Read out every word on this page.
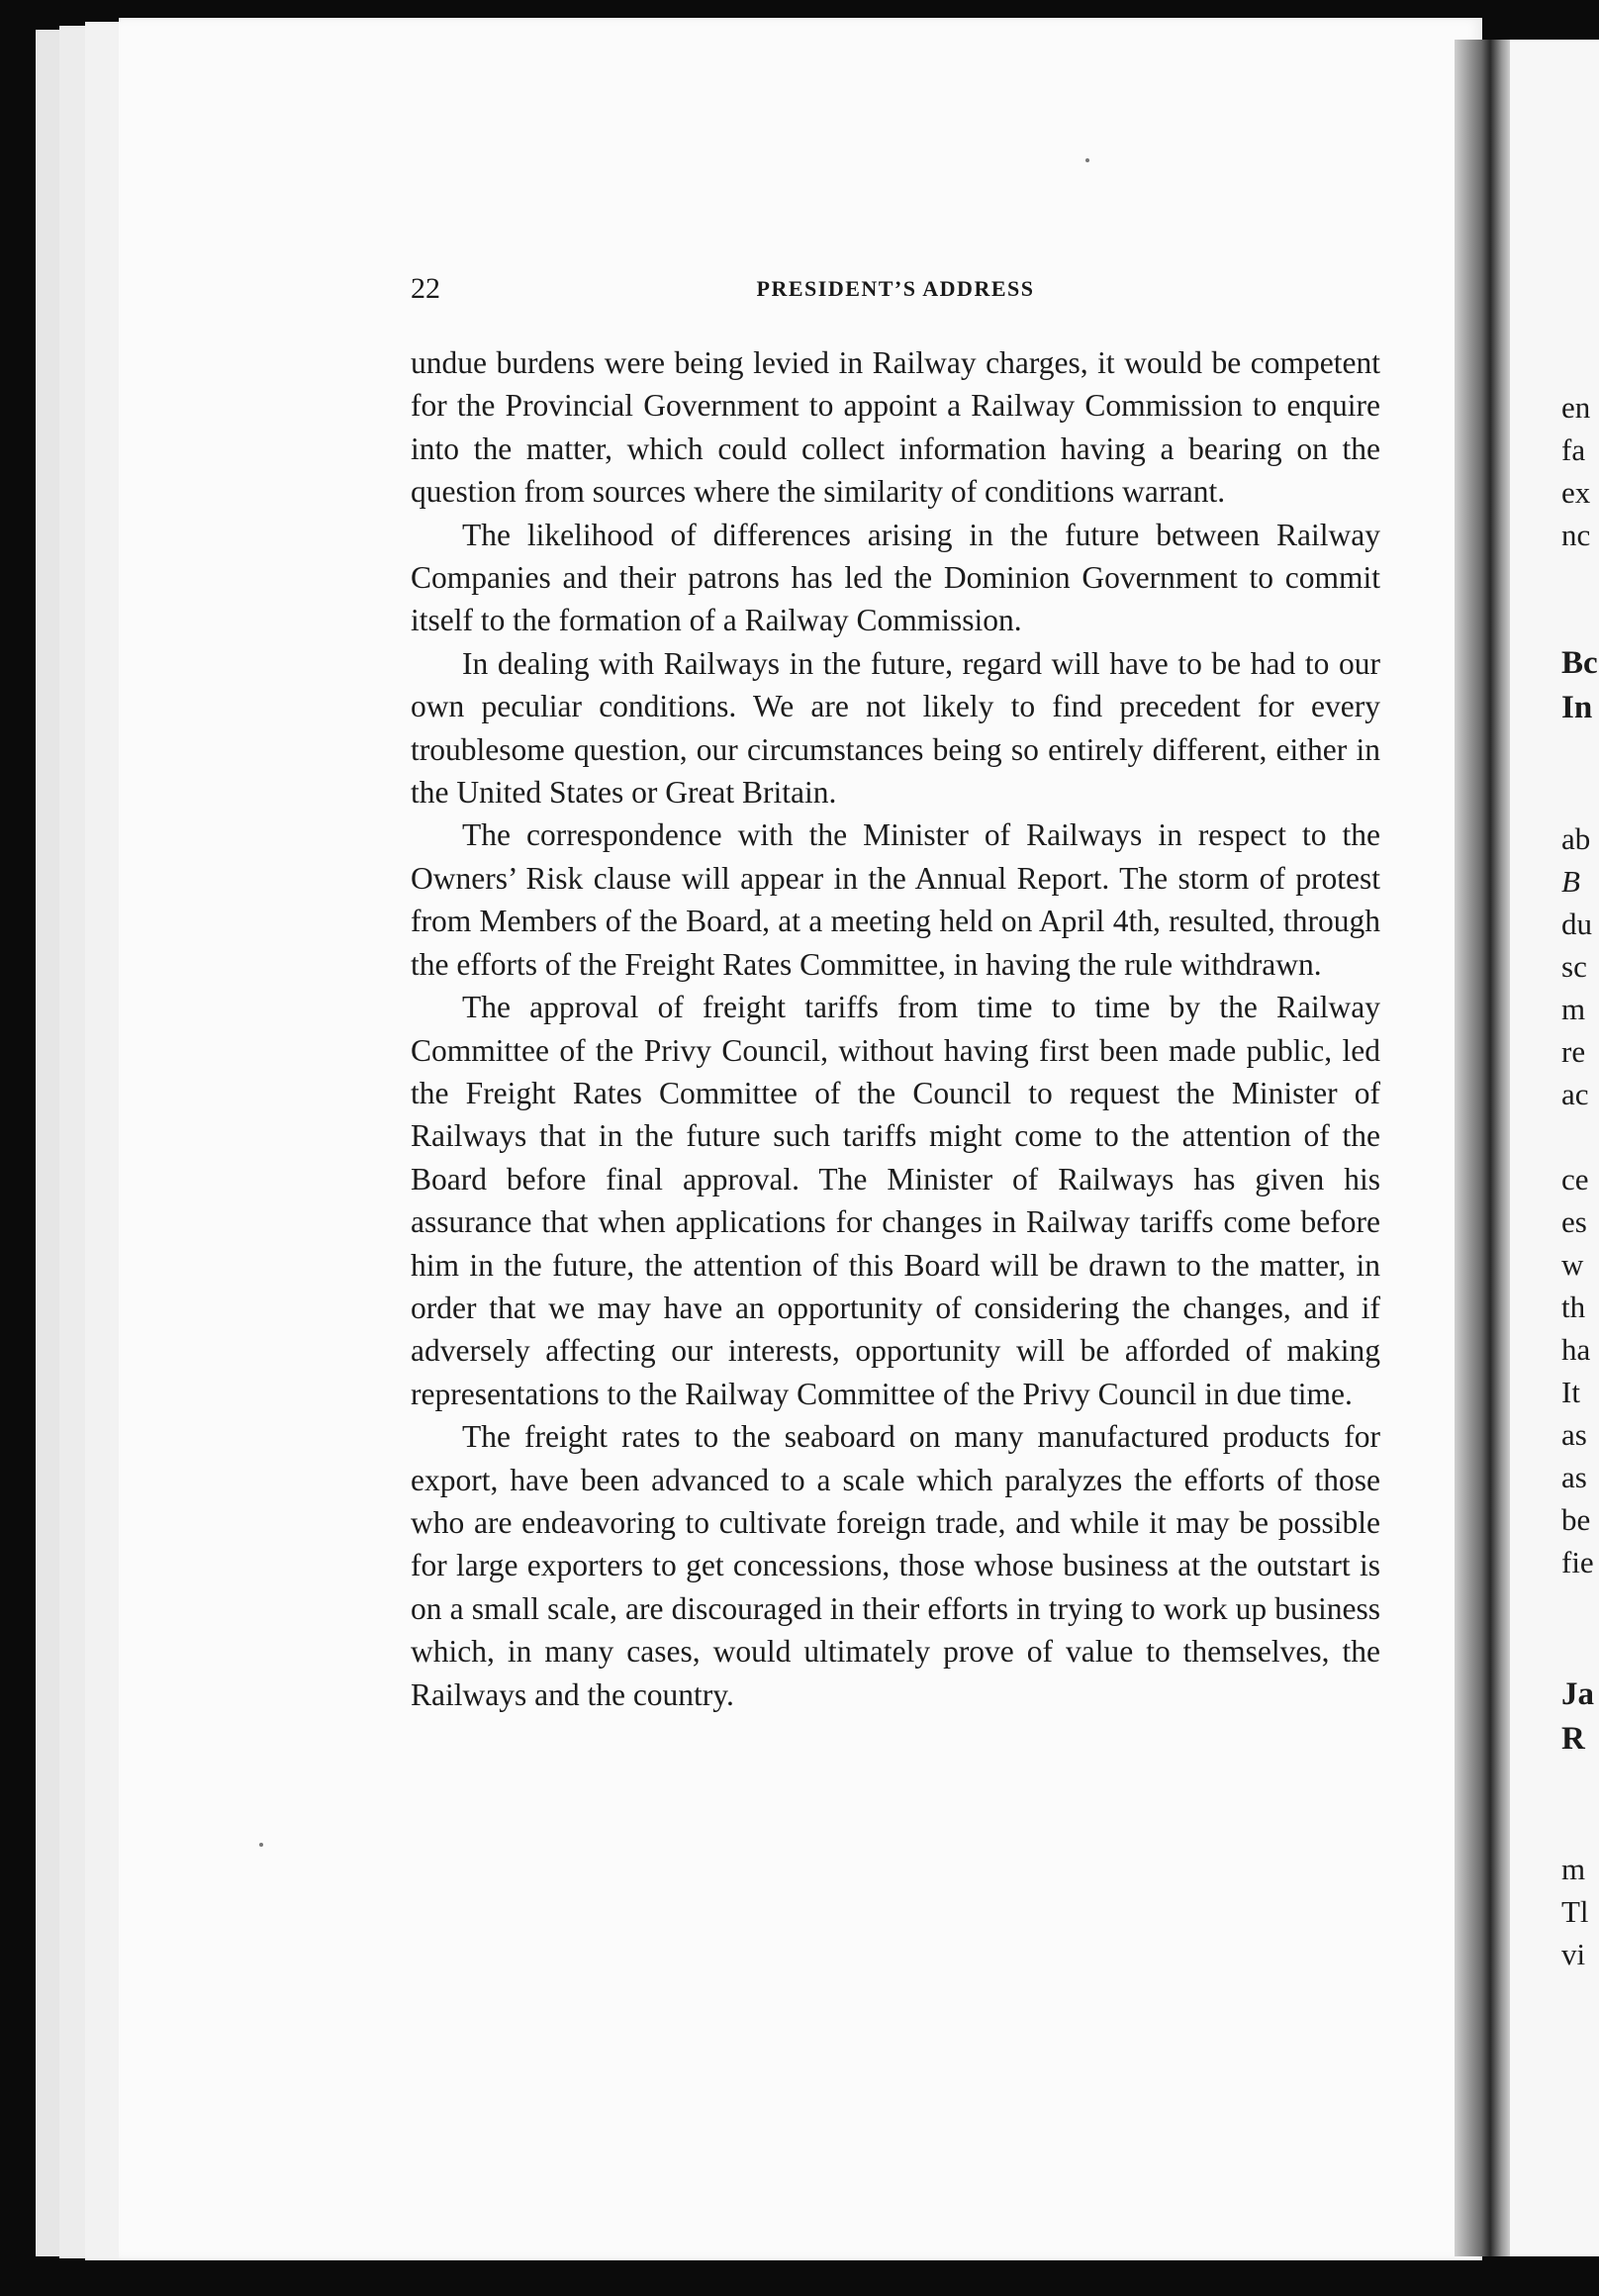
22	PRESIDENT’S ADDRESS

undue burdens were being levied in Railway charges, it would be competent for the Provincial Government to appoint a Railway Commission to enquire into the matter, which could collect information having a bearing on the question from sources where the similarity of conditions warrant.

The likelihood of differences arising in the future between Railway Companies and their patrons has led the Dominion Government to commit itself to the formation of a Railway Commission.

In dealing with Railways in the future, regard will have to be had to our own peculiar conditions. We are not likely to find precedent for every troublesome question, our circumstances being so entirely different, either in the United States or Great Britain.

The correspondence with the Minister of Railways in respect to the Owners’ Risk clause will appear in the Annual Report. The storm of protest from Members of the Board, at a meeting held on April 4th, resulted, through the efforts of the Freight Rates Committee, in having the rule withdrawn.

The approval of freight tariffs from time to time by the Railway Committee of the Privy Council, without having first been made public, led the Freight Rates Committee of the Council to request the Minister of Railways that in the future such tariffs might come to the attention of the Board before final approval. The Minister of Railways has given his assurance that when applications for changes in Railway tariffs come before him in the future, the attention of this Board will be drawn to the matter, in order that we may have an opportunity of considering the changes, and if adversely affecting our interests, opportunity will be afforded of making representations to the Railway Committee of the Privy Council in due time.

The freight rates to the seaboard on many manufactured products for export, have been advanced to a scale which paralyzes the efforts of those who are endeavoring to cultivate foreign trade, and while it may be possible for large exporters to get concessions, those whose business at the outstart is on a small scale, are discouraged in their efforts in trying to work up business which, in many cases, would ultimately prove of value to themselves, the Railways and the country.

en
fa
ex
nc
Bc
In
ab
B
du
sc
m
re
ac
ce
es
w
th
ha
It
as
as
be
fie
Ja
R
m
Tl
vi
